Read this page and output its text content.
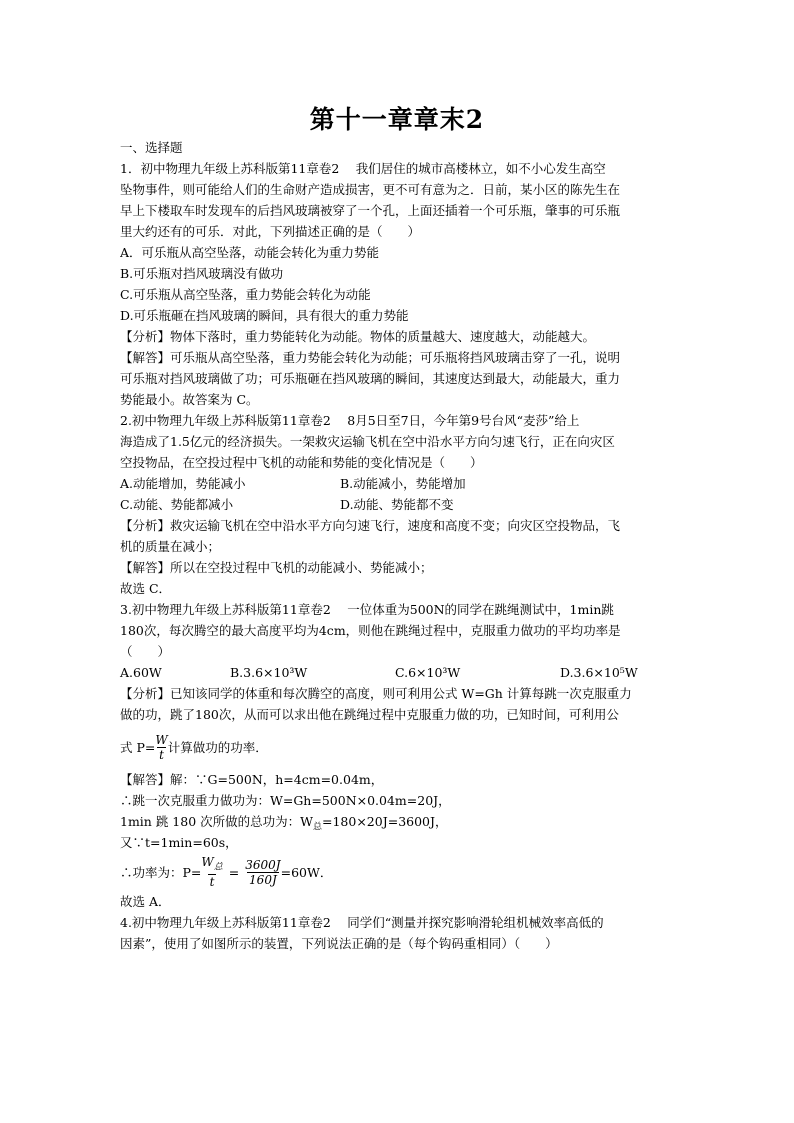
第十一章章末2
一、选择题
1．初中物理九年级上苏科版第11章卷2　 我们居住的城市高楼林立，如不小心发生高空
坠物事件，则可能给人们的生命财产造成损害，更不可有意为之．日前，某小区的陈先生在
早上下楼取车时发现车的后挡风玻璃被穿了一个孔，上面还插着一个可乐瓶，肇事的可乐瓶
里大约还有的可乐．对此，下列描述正确的是（　　）
A．可乐瓶从高空坠落，动能会转化为重力势能
B.可乐瓶对挡风玻璃没有做功
C.可乐瓶从高空坠落，重力势能会转化为动能
D.可乐瓶砸在挡风玻璃的瞬间，具有很大的重力势能
【分析】物体下落时，重力势能转化为动能。物体的质量越大、速度越大，动能越大。
【解答】可乐瓶从高空坠落，重力势能会转化为动能；可乐瓶将挡风玻璃击穿了一孔，说明
可乐瓶对挡风玻璃做了功；可乐瓶砸在挡风玻璃的瞬间，其速度达到最大，动能最大，重力
势能最小。故答案为 C。
2.初中物理九年级上苏科版第11章卷2　 8月5日至7日，今年第9号台风“麦莎”给上
海造成了1.5亿元的经济损失。一架救灾运输飞机在空中沿水平方向匀速飞行，正在向灾区
空投物品，在空投过程中飞机的动能和势能的变化情况是（　　）
A.动能增加，势能减小	B.动能减小，势能增加
C.动能、势能都减小	D.动能、势能都不变
【分析】救灾运输飞机在空中沿水平方向匀速飞行，速度和高度不变；向灾区空投物品，飞
机的质量在减小；
【解答】所以在空投过程中飞机的动能减小、势能减小；
故选 C．
3.初中物理九年级上苏科版第11章卷2　 一位体重为500N的同学在跳绳测试中，1min跳
180次，每次腾空的最大高度平均为4cm，则他在跳绳过程中，克服重力做功的平均功率是
（　　）
A.60W	B.3.6×10³W	C.6×10³W	D.3.6×10⁵W
【分析】已知该同学的体重和每次腾空的高度，则可利用公式 W=Gh 计算每跳一次克服重力
做的功，跳了180次，从而可以求出他在跳绳过程中克服重力做的功，已知时间，可利用公
式 $P= \frac{W}{t}$ 计算做功的功率．
【解答】解：∵G=500N，h=4cm=0.04m，
∴跳一次克服重力做功为：W=Gh=500N×0.04m=20J，
1min 跳 180 次所做的总功为：$W_总=180\times 20J=3600J$，
又∵t=1min=60s，
∴功率为：$P= \frac{W_总}{t} = \frac{3600J}{160J} =60W$．
故选 A．
4.初中物理九年级上苏科版第11章卷2　 同学们“测量并探究影响滑轮组机械效率高低的
因素”，使用了如图所示的装置，下列说法正确的是（每个钩码重相同）（　　）
